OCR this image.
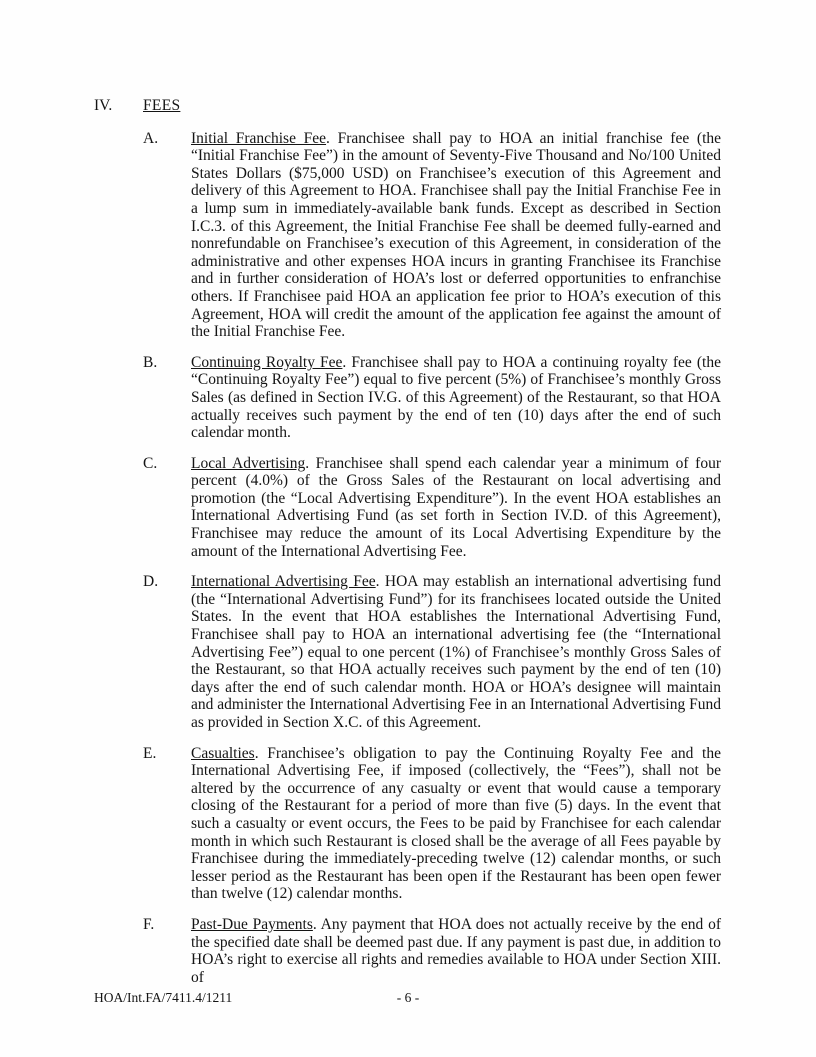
IV.	FEES
A.	Initial Franchise Fee. Franchisee shall pay to HOA an initial franchise fee (the “Initial Franchise Fee”) in the amount of Seventy-Five Thousand and No/100 United States Dollars ($75,000 USD) on Franchisee’s execution of this Agreement and delivery of this Agreement to HOA. Franchisee shall pay the Initial Franchise Fee in a lump sum in immediately-available bank funds. Except as described in Section I.C.3. of this Agreement, the Initial Franchise Fee shall be deemed fully-earned and nonrefundable on Franchisee’s execution of this Agreement, in consideration of the administrative and other expenses HOA incurs in granting Franchisee its Franchise and in further consideration of HOA’s lost or deferred opportunities to enfranchise others. If Franchisee paid HOA an application fee prior to HOA’s execution of this Agreement, HOA will credit the amount of the application fee against the amount of the Initial Franchise Fee.

B.	Continuing Royalty Fee. Franchisee shall pay to HOA a continuing royalty fee (the “Continuing Royalty Fee”) equal to five percent (5%) of Franchisee’s monthly Gross Sales (as defined in Section IV.G. of this Agreement) of the Restaurant, so that HOA actually receives such payment by the end of ten (10) days after the end of such calendar month.

C.	Local Advertising. Franchisee shall spend each calendar year a minimum of four percent (4.0%) of the Gross Sales of the Restaurant on local advertising and promotion (the “Local Advertising Expenditure”). In the event HOA establishes an International Advertising Fund (as set forth in Section IV.D. of this Agreement), Franchisee may reduce the amount of its Local Advertising Expenditure by the amount of the International Advertising Fee.

D.	International Advertising Fee. HOA may establish an international advertising fund (the “International Advertising Fund”) for its franchisees located outside the United States. In the event that HOA establishes the International Advertising Fund, Franchisee shall pay to HOA an international advertising fee (the “International Advertising Fee”) equal to one percent (1%) of Franchisee’s monthly Gross Sales of the Restaurant, so that HOA actually receives such payment by the end of ten (10) days after the end of such calendar month. HOA or HOA’s designee will maintain and administer the International Advertising Fee in an International Advertising Fund as provided in Section X.C. of this Agreement.

E.	Casualties. Franchisee’s obligation to pay the Continuing Royalty Fee and the International Advertising Fee, if imposed (collectively, the “Fees”), shall not be altered by the occurrence of any casualty or event that would cause a temporary closing of the Restaurant for a period of more than five (5) days. In the event that such a casualty or event occurs, the Fees to be paid by Franchisee for each calendar month in which such Restaurant is closed shall be the average of all Fees payable by Franchisee during the immediately-preceding twelve (12) calendar months, or such lesser period as the Restaurant has been open if the Restaurant has been open fewer than twelve (12) calendar months.

F.	Past-Due Payments. Any payment that HOA does not actually receive by the end of the specified date shall be deemed past due. If any payment is past due, in addition to HOA’s right to exercise all rights and remedies available to HOA under Section XIII. of

HOA/Int.FA/7411.4/1211	- 6 -
